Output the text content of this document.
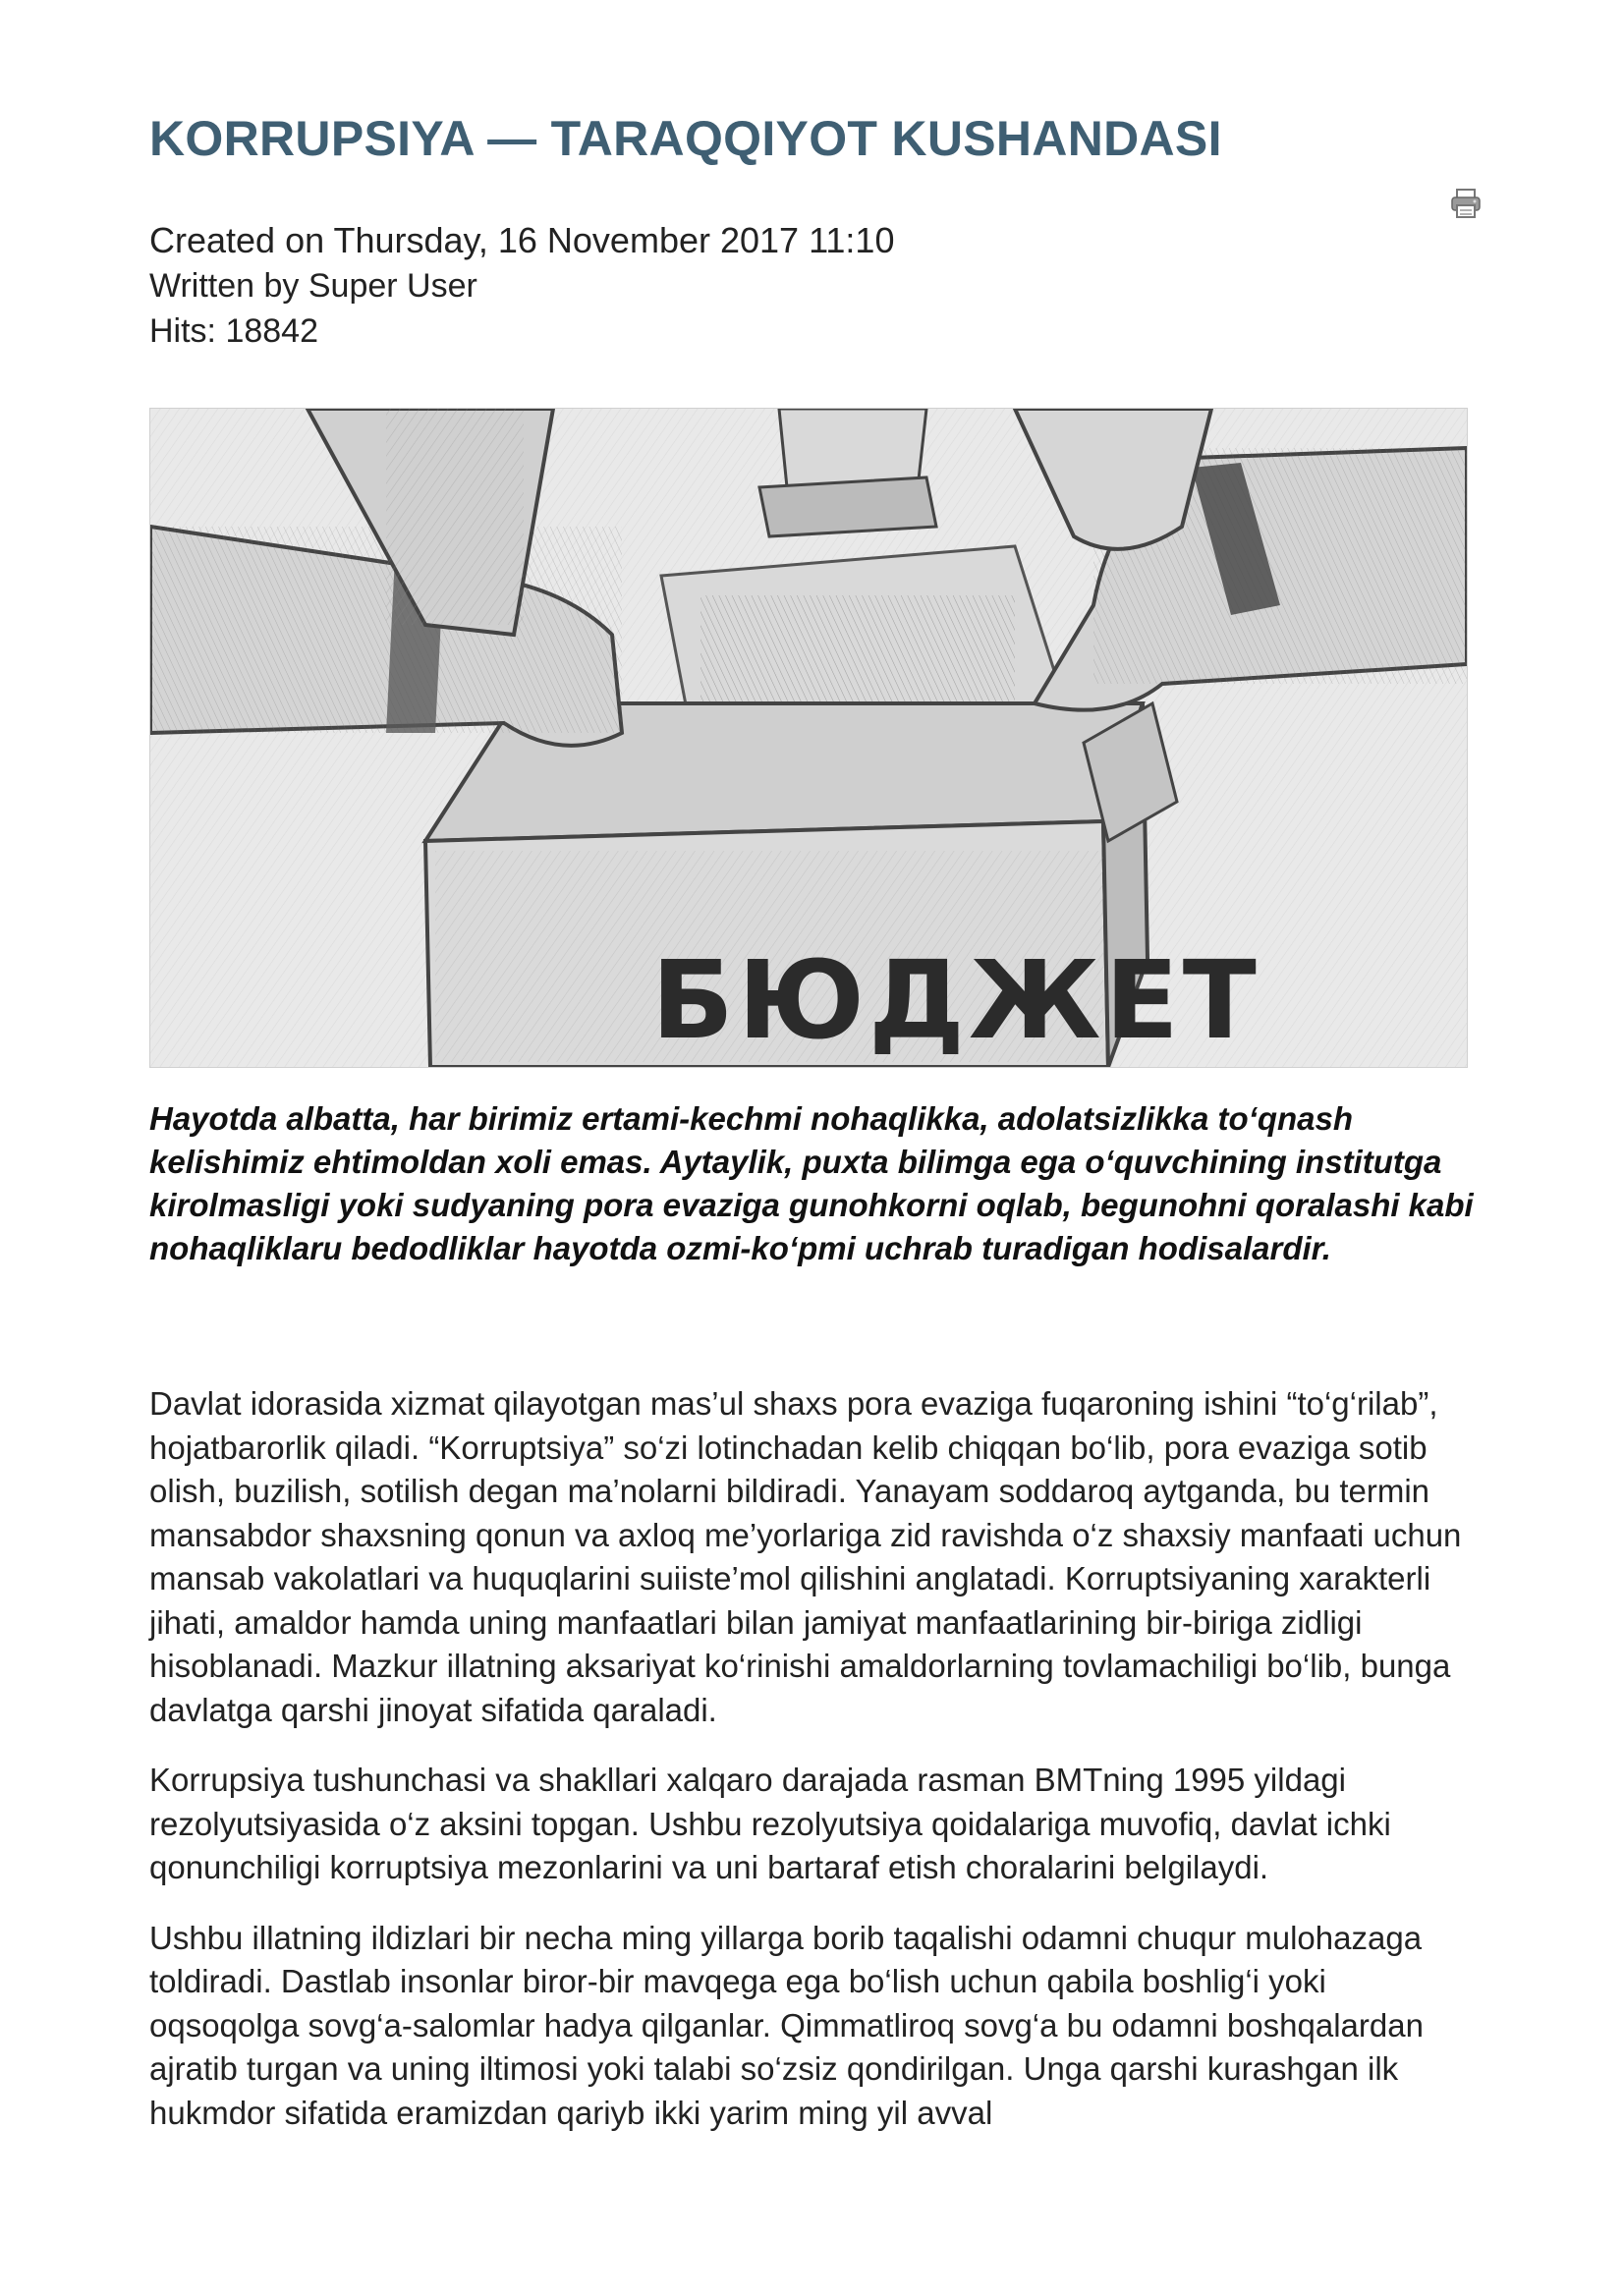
KORRUPSIYA — TARAQQIYOT KUSHANDASI
Created on Thursday, 16 November 2017 11:10
Written by Super User
Hits: 18842
БЮДЖЕТ

Hayotda albatta, har birimiz ertami-kechmi nohaqlikka, adolatsizlikka to‘qnash kelishimiz ehtimoldan xoli emas. Aytaylik, puxta bilimga ega o‘quvchining institutga kirolmasligi yoki sudyaning pora evaziga gunohkorni oqlab, begunohni qoralashi kabi nohaqliklaru bedodliklar hayotda ozmi-ko‘pmi uchrab turadigan hodisalardir.

Davlat idorasida xizmat qilayotgan mas’ul shaxs pora evaziga fuqaroning ishini “to‘g‘rilab”, hojatbarorlik qiladi. “Korruptsiya” so‘zi lotinchadan kelib chiqqan bo‘lib, pora evaziga sotib olish, buzilish, sotilish degan ma’nolarni bildiradi. Yanayam soddaroq aytganda, bu termin mansabdor shaxsning qonun va axloq me’yorlariga zid ravishda o‘z shaxsiy manfaati uchun mansab vakolatlari va huquqlarini suiiste’mol qilishini anglatadi. Korruptsiyaning xarakterli jihati, amaldor hamda uning manfaatlari bilan jamiyat manfaatlarining bir-biriga zidligi hisoblanadi. Mazkur illatning aksariyat ko‘rinishi amaldorlarning tovlamachiligi bo‘lib, bunga davlatga qarshi jinoyat sifatida qaraladi.

Korrupsiya tushunchasi va shakllari xalqaro darajada rasman BMTning 1995 yildagi rezolyutsiyasida o‘z aksini topgan. Ushbu rezolyutsiya qoidalariga muvofiq, davlat ichki qonunchiligi korruptsiya mezonlarini va uni bartaraf etish choralarini belgilaydi.

Ushbu illatning ildizlari bir necha ming yillarga borib taqalishi odamni chuqur mulohazaga toldiradi. Dastlab insonlar biror-bir mavqega ega bo‘lish uchun qabila boshlig‘i yoki oqsoqolga sovg‘a-salomlar hadya qilganlar. Qimmatliroq sovg‘a bu odamni boshqalardan ajratib turgan va uning iltimosi yoki talabi so‘zsiz qondirilgan. Unga qarshi kurashgan ilk hukmdor sifatida eramizdan qariyb ikki yarim ming yil avval
